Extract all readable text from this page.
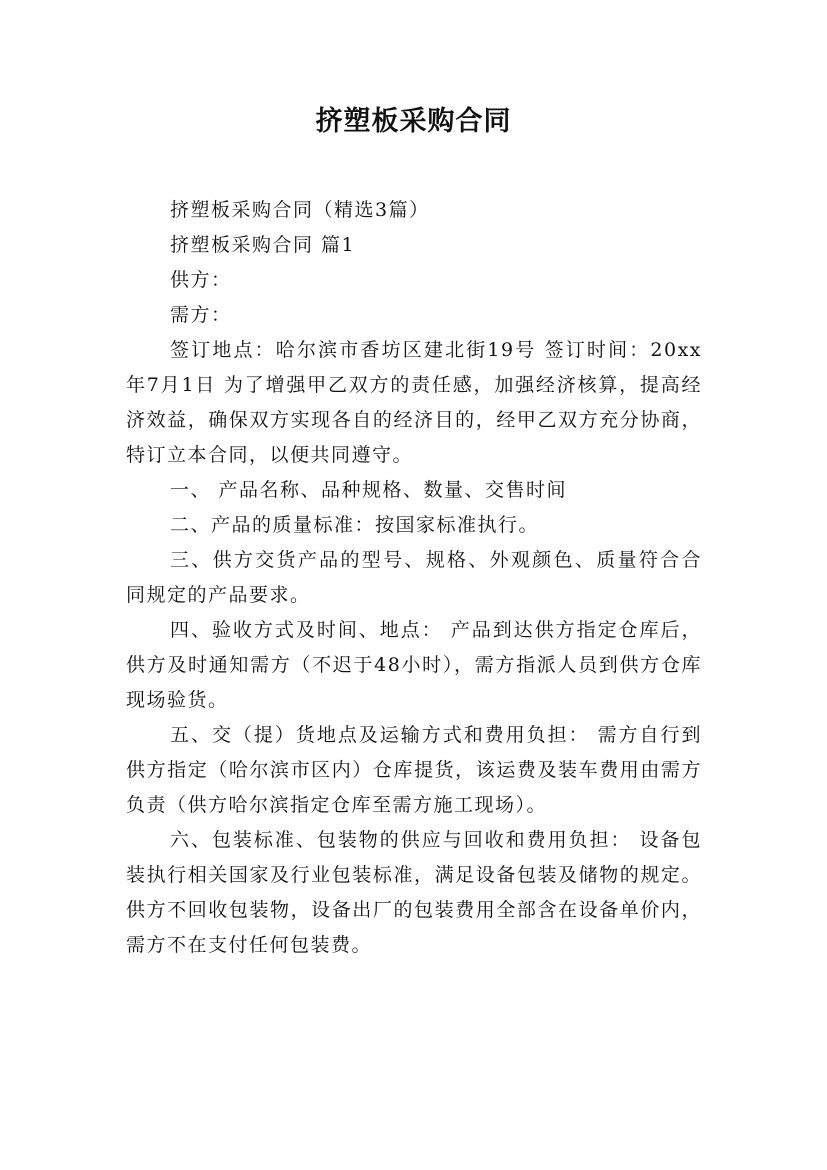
挤塑板采购合同

挤塑板采购合同（精选3篇）

挤塑板采购合同 篇1

供方：

需方：

签订地点：哈尔滨市香坊区建北街19号 签订时间：20xx年7月1日 为了增强甲乙双方的责任感，加强经济核算，提高经济效益，确保双方实现各自的经济目的，经甲乙双方充分协商，特订立本合同，以便共同遵守。

一、 产品名称、品种规格、数量、交售时间

二、产品的质量标准：按国家标准执行。

三、供方交货产品的型号、规格、外观颜色、质量符合合同规定的产品要求。

四、验收方式及时间、地点： 产品到达供方指定仓库后，供方及时通知需方（不迟于48小时），需方指派人员到供方仓库现场验货。

五、交（提）货地点及运输方式和费用负担： 需方自行到供方指定（哈尔滨市区内）仓库提货，该运费及装车费用由需方负责（供方哈尔滨指定仓库至需方施工现场）。

六、包装标准、包装物的供应与回收和费用负担： 设备包装执行相关国家及行业包装标准，满足设备包装及储物的规定。供方不回收包装物，设备出厂的包装费用全部含在设备单价内，需方不在支付任何包装费。
